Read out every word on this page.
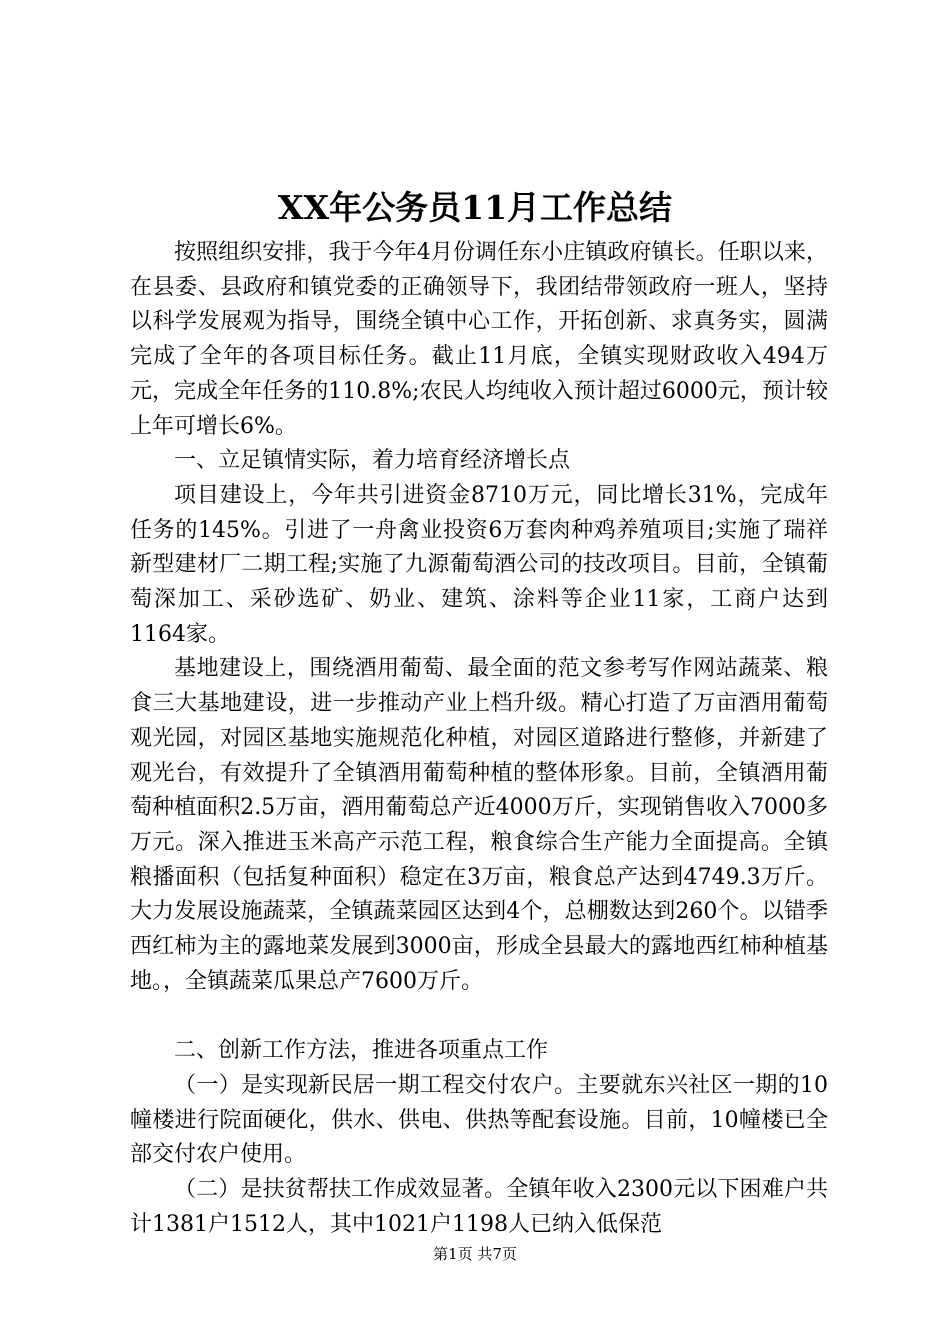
XX年公务员11月工作总结

按照组织安排，我于今年4月份调任东小庄镇政府镇长。任职以来，在县委、县政府和镇党委的正确领导下，我团结带领政府一班人，坚持以科学发展观为指导，围绕全镇中心工作，开拓创新、求真务实，圆满完成了全年的各项目标任务。截止11月底，全镇实现财政收入494万元，完成全年任务的110.8%;农民人均纯收入预计超过6000元，预计较上年可增长6%。

一、立足镇情实际，着力培育经济增长点

项目建设上，今年共引进资金8710万元，同比增长31%，完成年任务的145%。引进了一舟禽业投资6万套肉种鸡养殖项目;实施了瑞祥新型建材厂二期工程;实施了九源葡萄酒公司的技改项目。目前，全镇葡萄深加工、采砂选矿、奶业、建筑、涂料等企业11家，工商户达到1164家。

基地建设上，围绕酒用葡萄、最全面的范文参考写作网站蔬菜、粮食三大基地建设，进一步推动产业上档升级。精心打造了万亩酒用葡萄观光园，对园区基地实施规范化种植，对园区道路进行整修，并新建了观光台，有效提升了全镇酒用葡萄种植的整体形象。目前，全镇酒用葡萄种植面积2.5万亩，酒用葡萄总产近4000万斤，实现销售收入7000多万元。深入推进玉米高产示范工程，粮食综合生产能力全面提高。全镇粮播面积（包括复种面积）稳定在3万亩，粮食总产达到4749.3万斤。大力发展设施蔬菜，全镇蔬菜园区达到4个，总棚数达到260个。以错季西红柿为主的露地菜发展到3000亩，形成全县最大的露地西红柿种植基地。，全镇蔬菜瓜果总产7600万斤。

二、创新工作方法，推进各项重点工作

（一）是实现新民居一期工程交付农户。主要就东兴社区一期的10幢楼进行院面硬化，供水、供电、供热等配套设施。目前，10幢楼已全部交付农户使用。

（二）是扶贫帮扶工作成效显著。全镇年收入2300元以下困难户共计1381户1512人，其中1021户1198人已纳入低保范

第1页 共7页
